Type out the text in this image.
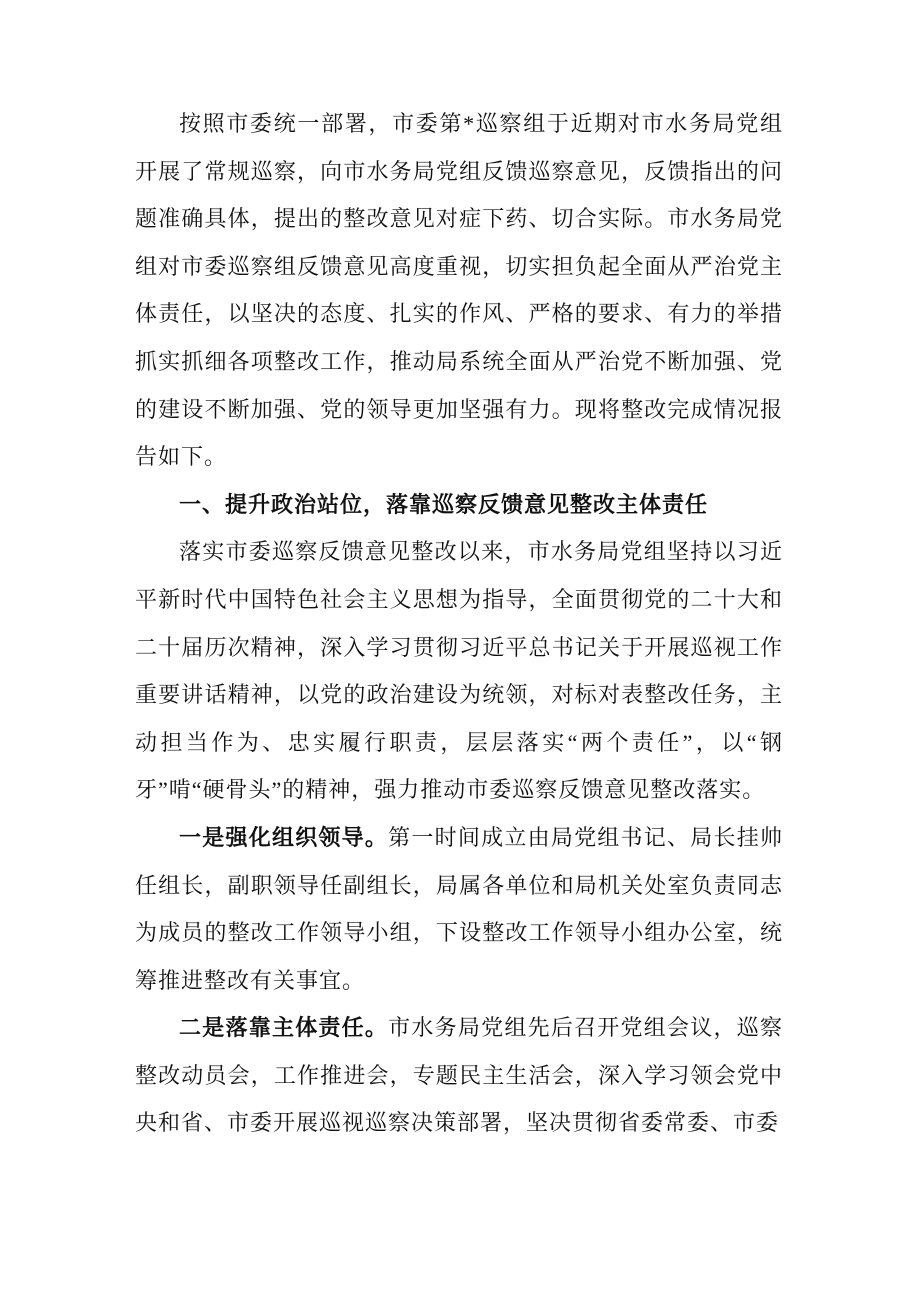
按照市委统一部署，市委第*巡察组于近期对市水务局党组开展了常规巡察，向市水务局党组反馈巡察意见，反馈指出的问题准确具体，提出的整改意见对症下药、切合实际。市水务局党组对市委巡察组反馈意见高度重视，切实担负起全面从严治党主体责任，以坚决的态度、扎实的作风、严格的要求、有力的举措抓实抓细各项整改工作，推动局系统全面从严治党不断加强、党的建设不断加强、党的领导更加坚强有力。现将整改完成情况报告如下。

一、提升政治站位，落靠巡察反馈意见整改主体责任

落实市委巡察反馈意见整改以来，市水务局党组坚持以习近平新时代中国特色社会主义思想为指导，全面贯彻党的二十大和二十届历次精神，深入学习贯彻习近平总书记关于开展巡视工作重要讲话精神，以党的政治建设为统领，对标对表整改任务，主动担当作为、忠实履行职责，层层落实“两个责任”，以“钢牙”啃“硬骨头”的精神，强力推动市委巡察反馈意见整改落实。

一是强化组织领导。第一时间成立由局党组书记、局长挂帅任组长，副职领导任副组长，局属各单位和局机关处室负责同志为成员的整改工作领导小组，下设整改工作领导小组办公室，统筹推进整改有关事宜。

二是落靠主体责任。市水务局党组先后召开党组会议，巡察整改动员会，工作推进会，专题民主生活会，深入学习领会党中央和省、市委开展巡视巡察决策部署，坚决贯彻省委常委、市委
